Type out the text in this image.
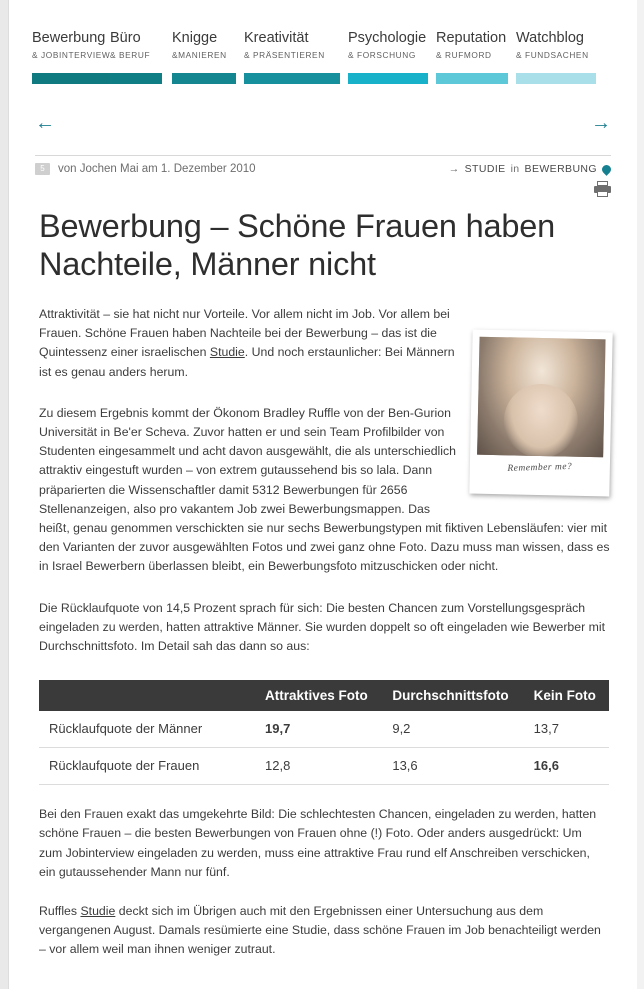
Bewerbung
& JOBINTERVIEW
Büro
& BERUF
Knigge
&MANIEREN
Kreativität
& PRÄSENTIEREN
Psychologie
& FORSCHUNG
Reputation
& RUFMORD
Watchblog
& FUNDSACHEN
←	→
5	von Jochen Mai am 1. Dezember 2010	→ STUDIE in BEWERBUNG
Bewerbung – Schöne Frauen haben Nachteile, Männer nicht
Remember me?

Attraktivität – sie hat nicht nur Vorteile. Vor allem nicht im Job. Vor allem bei Frauen. Schöne Frauen haben Nachteile bei der Bewerbung – das ist die Quintessenz einer israelischen Studie. Und noch erstaunlicher: Bei Männern ist es genau anders herum.

Zu diesem Ergebnis kommt der Ökonom Bradley Ruffle von der Ben-Gurion Universität in Be'er Scheva. Zuvor hatten er und sein Team Profilbilder von Studenten eingesammelt und acht davon ausgewählt, die als unterschiedlich attraktiv eingestuft wurden – von extrem gutaussehend bis so lala. Dann präparierten die Wissenschaftler damit 5312 Bewerbungen für 2656 Stellenanzeigen, also pro vakantem Job zwei Bewerbungsmappen. Das heißt, genau genommen verschickten sie nur sechs Bewerbungstypen mit fiktiven Lebensläufen: vier mit den Varianten der zuvor ausgewählten Fotos und zwei ganz ohne Foto. Dazu muss man wissen, dass es in Israel Bewerbern überlassen bleibt, ein Bewerbungsfoto mitzuschicken oder nicht.

Die Rücklaufquote von 14,5 Prozent sprach für sich: Die besten Chancen zum Vorstellungsgespräch eingeladen zu werden, hatten attraktive Männer. Sie wurden doppelt so oft eingeladen wie Bewerber mit Durchschnittsfoto. Im Detail sah das dann so aus:

	Attraktives Foto	Durchschnittsfoto	Kein Foto
Rücklaufquote der Männer	19,7	9,2	13,7
Rücklaufquote der Frauen	12,8	13,6	16,6

Bei den Frauen exakt das umgekehrte Bild: Die schlechtesten Chancen, eingeladen zu werden, hatten schöne Frauen – die besten Bewerbungen von Frauen ohne (!) Foto. Oder anders ausgedrückt: Um zum Jobinterview eingeladen zu werden, muss eine attraktive Frau rund elf Anschreiben verschicken, ein gutaussehender Mann nur fünf.

Ruffles Studie deckt sich im Übrigen auch mit den Ergebnissen einer Untersuchung aus dem vergangenen August. Damals resümierte eine Studie, dass schöne Frauen im Job benachteiligt werden – vor allem weil man ihnen weniger zutraut.
